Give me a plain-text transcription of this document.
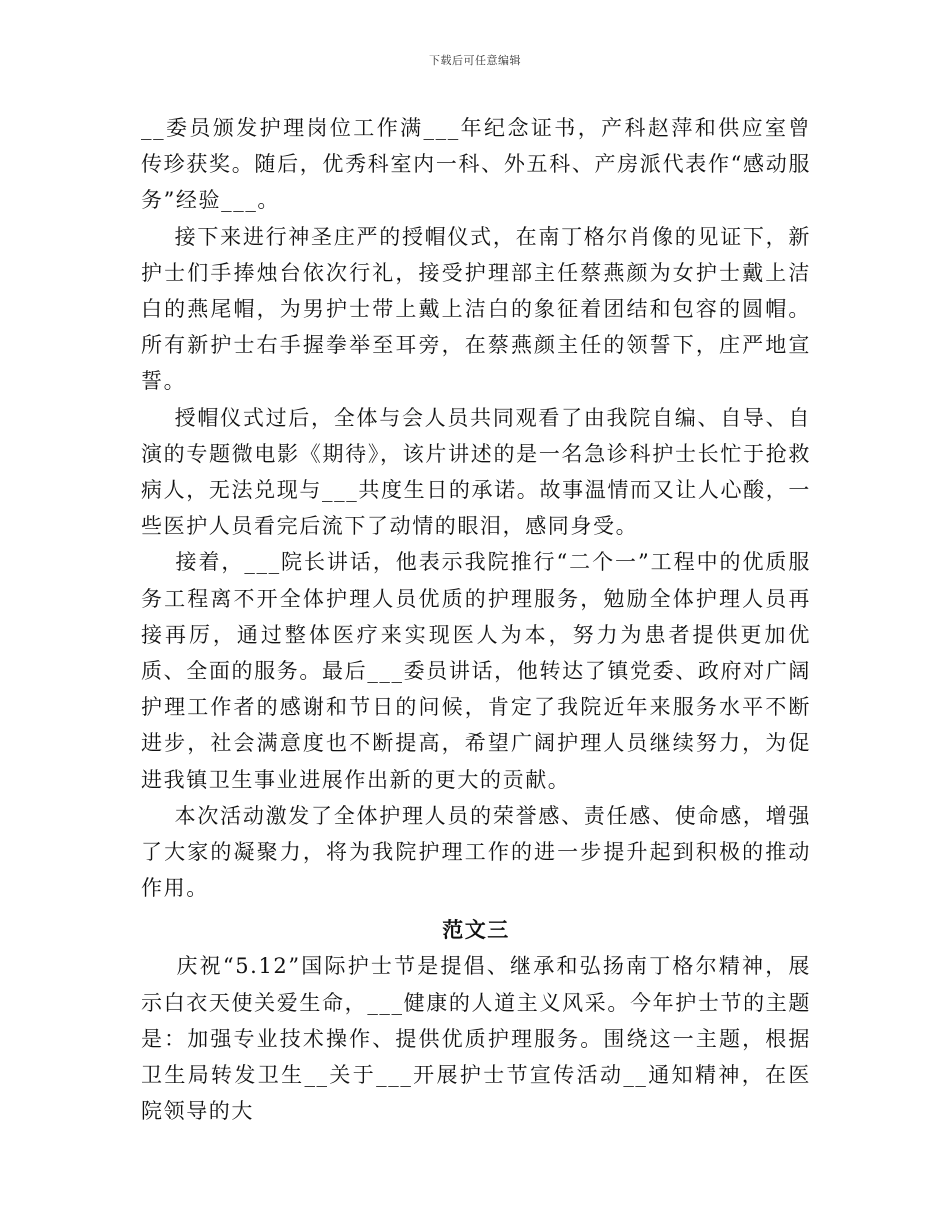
下载后可任意编辑

__委员颁发护理岗位工作满___年纪念证书，产科赵萍和供应室曾传珍获奖。随后，优秀科室内一科、外五科、产房派代表作“感动服务”经验___。

接下来进行神圣庄严的授帽仪式，在南丁格尔肖像的见证下，新护士们手捧烛台依次行礼，接受护理部主任蔡燕颜为女护士戴上洁白的燕尾帽，为男护士带上戴上洁白的象征着团结和包容的圆帽。所有新护士右手握拳举至耳旁，在蔡燕颜主任的领誓下，庄严地宣誓。

授帽仪式过后，全体与会人员共同观看了由我院自编、自导、自演的专题微电影《期待》，该片讲述的是一名急诊科护士长忙于抢救病人，无法兑现与___共度生日的承诺。故事温情而又让人心酸，一些医护人员看完后流下了动情的眼泪，感同身受。

接着，___院长讲话，他表示我院推行“二个一”工程中的优质服务工程离不开全体护理人员优质的护理服务，勉励全体护理人员再接再厉，通过整体医疗来实现医人为本，努力为患者提供更加优质、全面的服务。最后___委员讲话，他转达了镇党委、政府对广阔护理工作者的感谢和节日的问候，肯定了我院近年来服务水平不断进步，社会满意度也不断提高，希望广阔护理人员继续努力，为促进我镇卫生事业进展作出新的更大的贡献。

本次活动激发了全体护理人员的荣誉感、责任感、使命感，增强了大家的凝聚力，将为我院护理工作的进一步提升起到积极的推动作用。

范文三

庆祝“5.12”国际护士节是提倡、继承和弘扬南丁格尔精神，展示白衣天使关爱生命，___健康的人道主义风采。今年护士节的主题是：加强专业技术操作、提供优质护理服务。围绕这一主题，根据卫生局转发卫生__关于___开展护士节宣传活动__通知精神，在医院领导的大
